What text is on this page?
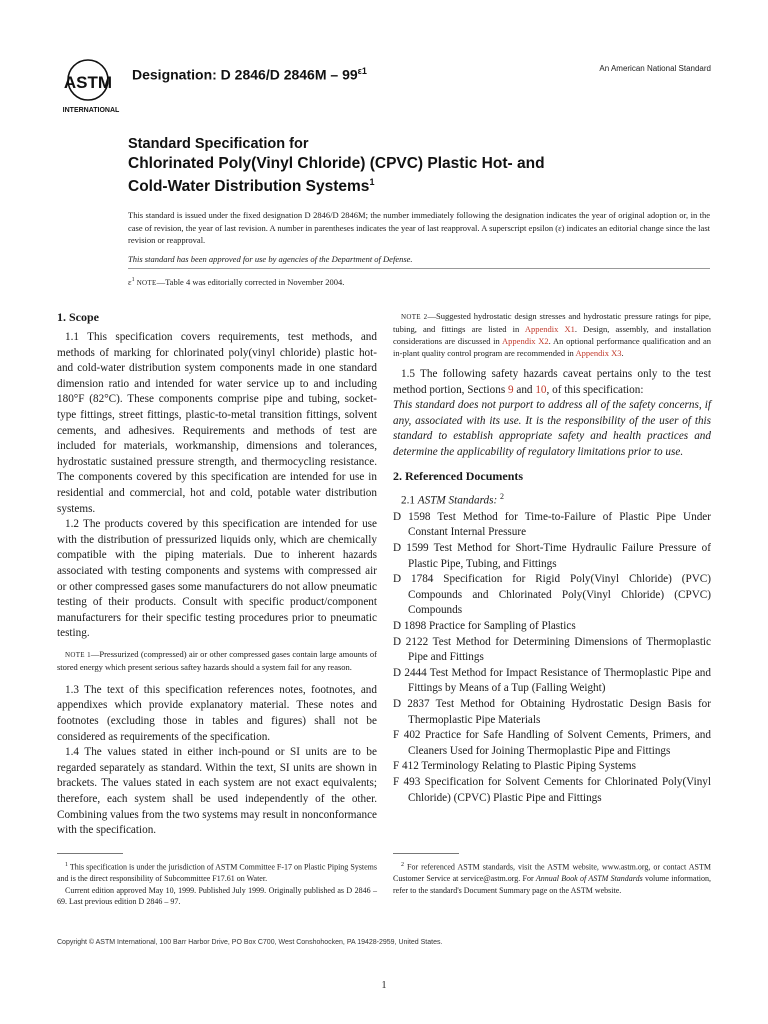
ASTM
INTERNATIONAL
Designation: D 2846/D $2846M - 99^{\varepsilon 1}$	An American National Standard
Standard Specification for
Chlorinated Poly(Vinyl Chloride) (CPVC) Plastic Hot- and
Cold-Water Distribution Systems$^1$
This standard is issued under the fixed designation D 2846/D 2846M; the number immediately following the designation indicates the year of original adoption or, in the case of revision, the year of last revision. A number in parentheses indicates the year of last reapproval. A superscript epsilon (ε) indicates an editorial change since the last revision or reapproval.
This standard has been approved for use by agencies of the Department of Defense.
$\varepsilon^1$ NOTE—Table 4 was editorially corrected in November 2004.
1. Scope

1.1 This specification covers requirements, test methods, and methods of marking for chlorinated poly(vinyl chloride) plastic hot- and cold-water distribution system components made in one standard dimension ratio and intended for water service up to and including 180°F (82°C). These components comprise pipe and tubing, socket-type fittings, street fittings, plastic-to-metal transition fittings, solvent cements, and adhesives. Requirements and methods of test are included for materials, workmanship, dimensions and tolerances, hydrostatic sustained pressure strength, and thermocycling resistance. The components covered by this specification are intended for use in residential and commercial, hot and cold, potable water distribution systems.

1.2 The products covered by this specification are intended for use with the distribution of pressurized liquids only, which are chemically compatible with the piping materials. Due to inherent hazards associated with testing components and systems with compressed air or other compressed gases some manufacturers do not allow pneumatic testing of their products. Consult with specific product/component manufacturers for their specific testing procedures prior to pneumatic testing.

NOTE 1—Pressurized (compressed) air or other compressed gases contain large amounts of stored energy which present serious saftey hazards should a system fail for any reason.

1.3 The text of this specification references notes, footnotes, and appendixes which provide explanatory material. These notes and footnotes (excluding those in tables and figures) shall not be considered as requirements of the specification.

1.4 The values stated in either inch-pound or SI units are to be regarded separately as standard. Within the text, SI units are shown in brackets. The values stated in each system are not exact equivalents; therefore, each system shall be used independently of the other. Combining values from the two systems may result in nonconformance with the specification.

NOTE 2—Suggested hydrostatic design stresses and hydrostatic pressure ratings for pipe, tubing, and fittings are listed in Appendix X1. Design, assembly, and installation considerations are discussed in Appendix X2. An optional performance qualification and an in-plant quality control program are recommended in Appendix X3.

1.5 The following safety hazards caveat pertains only to the test method portion, Sections 9 and 10, of this specification:

This standard does not purport to address all of the safety concerns, if any, associated with its use. It is the responsibility of the user of this standard to establish appropriate safety and health practices and determine the applicability of regulatory limitations prior to use.

2. Referenced Documents

2.1 ASTM Standards: $^2$

D 1598 Test Method for Time-to-Failure of Plastic Pipe Under Constant Internal Pressure

D 1599 Test Method for Short-Time Hydraulic Failure Pressure of Plastic Pipe, Tubing, and Fittings

D 1784 Specification for Rigid Poly(Vinyl Chloride) (PVC) Compounds and Chlorinated Poly(Vinyl Chloride) (CPVC) Compounds

D 1898 Practice for Sampling of Plastics

D 2122 Test Method for Determining Dimensions of Thermoplastic Pipe and Fittings

D 2444 Test Method for Impact Resistance of Thermoplastic Pipe and Fittings by Means of a Tup (Falling Weight)

D 2837 Test Method for Obtaining Hydrostatic Design Basis for Thermoplastic Pipe Materials

F 402 Practice for Safe Handling of Solvent Cements, Primers, and Cleaners Used for Joining Thermoplastic Pipe and Fittings

F 412 Terminology Relating to Plastic Piping Systems

F 493 Specification for Solvent Cements for Chlorinated Poly(Vinyl Chloride) (CPVC) Plastic Pipe and Fittings

$^1$ This specification is under the jurisdiction of ASTM Committee F-17 on Plastic Piping Systems and is the direct responsibility of Subcommittee F17.61 on Water.

Current edition approved May 10, 1999. Published July 1999. Originally published as D 2846 – 69. Last previous edition D 2846 – 97.

$^2$ For referenced ASTM standards, visit the ASTM website, www.astm.org, or contact ASTM Customer Service at service@astm.org. For Annual Book of ASTM Standards volume information, refer to the standard's Document Summary page on the ASTM website.

Copyright © ASTM International, 100 Barr Harbor Drive, PO Box C700, West Conshohocken, PA 19428-2959, United States.
1
